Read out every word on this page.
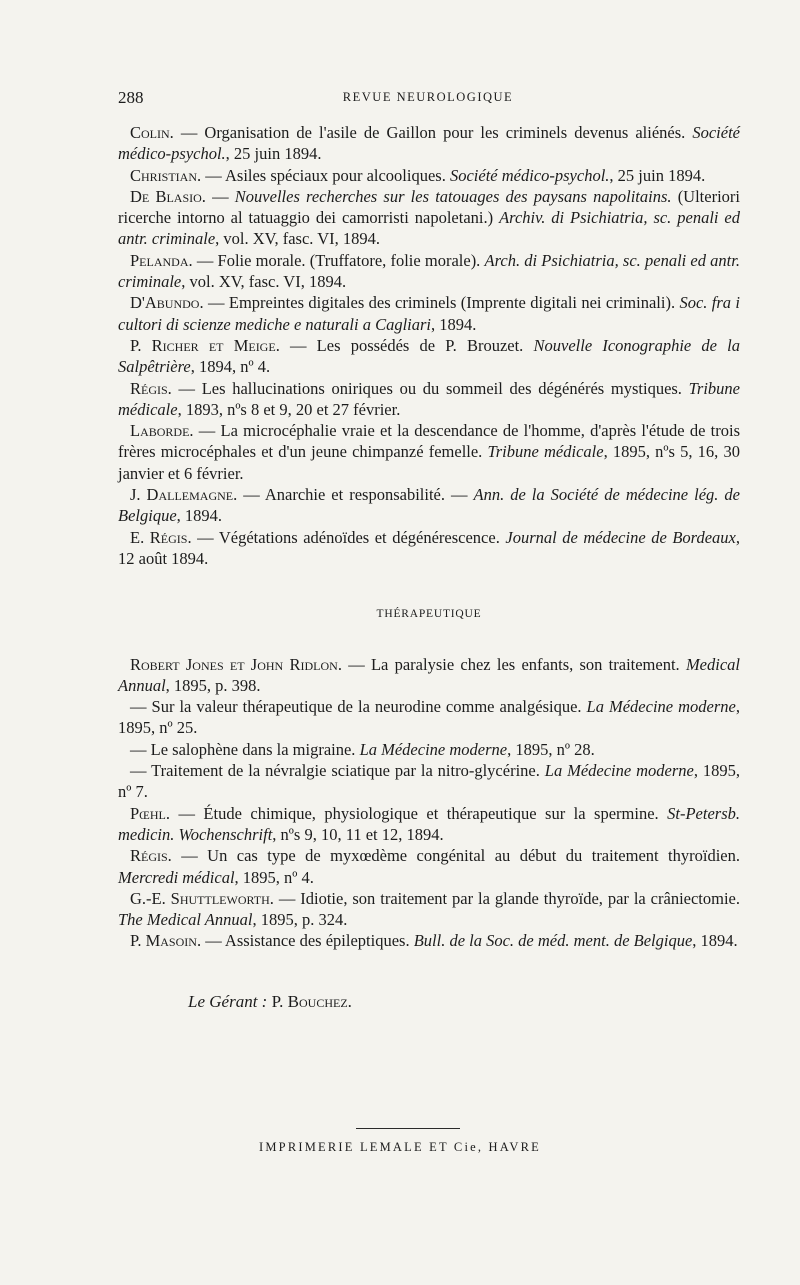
288	REVUE NEUROLOGIQUE

Colin. — Organisation de l'asile de Gaillon pour les criminels devenus aliénés. Société médico-psychol., 25 juin 1894.

Christian. — Asiles spéciaux pour alcooliques. Société médico-psychol., 25 juin 1894.

De Blasio. — Nouvelles recherches sur les tatouages des paysans napolitains. (Ulteriori ricerche intorno al tatuaggio dei camorristi napoletani.) Archiv. di Psichiatria, sc. penali ed antr. criminale, vol. XV, fasc. VI, 1894.

Pelanda. — Folie morale. (Truffatore, folie morale). Arch. di Psichiatria, sc. penali ed antr. criminale, vol. XV, fasc. VI, 1894.

D'Abundo. — Empreintes digitales des criminels (Imprente digitali nei criminali). Soc. fra i cultori di scienze mediche e naturali a Cagliari, 1894.

P. Richer et Meige. — Les possédés de P. Brouzet. Nouvelle Iconographie de la Salpêtrière, 1894, nº 4.

Régis. — Les hallucinations oniriques ou du sommeil des dégénérés mystiques. Tribune médicale, 1893, nºs 8 et 9, 20 et 27 février.

Laborde. — La microcéphalie vraie et la descendance de l'homme, d'après l'étude de trois frères microcéphales et d'un jeune chimpanzé femelle. Tribune médicale, 1895, nºs 5, 16, 30 janvier et 6 février.

J. Dallemagne. — Anarchie et responsabilité. — Ann. de la Société de médecine lég. de Belgique, 1894.

E. Régis. — Végétations adénoïdes et dégénérescence. Journal de médecine de Bordeaux, 12 août 1894.

THÉRAPEUTIQUE

Robert Jones et John Ridlon. — La paralysie chez les enfants, son traitement. Medical Annual, 1895, p. 398.

— Sur la valeur thérapeutique de la neurodine comme analgésique. La Médecine moderne, 1895, nº 25.

— Le salophène dans la migraine. La Médecine moderne, 1895, nº 28.

— Traitement de la névralgie sciatique par la nitro-glycérine. La Médecine moderne, 1895, nº 7.

Pœhl. — Étude chimique, physiologique et thérapeutique sur la spermine. St-Petersb. medicin. Wochenschrift, nºs 9, 10, 11 et 12, 1894.

Régis. — Un cas type de myxœdème congénital au début du traitement thyroïdien. Mercredi médical, 1895, nº 4.

G.-E. Shuttleworth. — Idiotie, son traitement par la glande thyroïde, par la crâniectomie. The Medical Annual, 1895, p. 324.

P. Masoin. — Assistance des épileptiques. Bull. de la Soc. de méd. ment. de Belgique, 1894.

Le Gérant : P. Bouchez.
IMPRIMERIE LEMALE ET Cie, HAVRE
